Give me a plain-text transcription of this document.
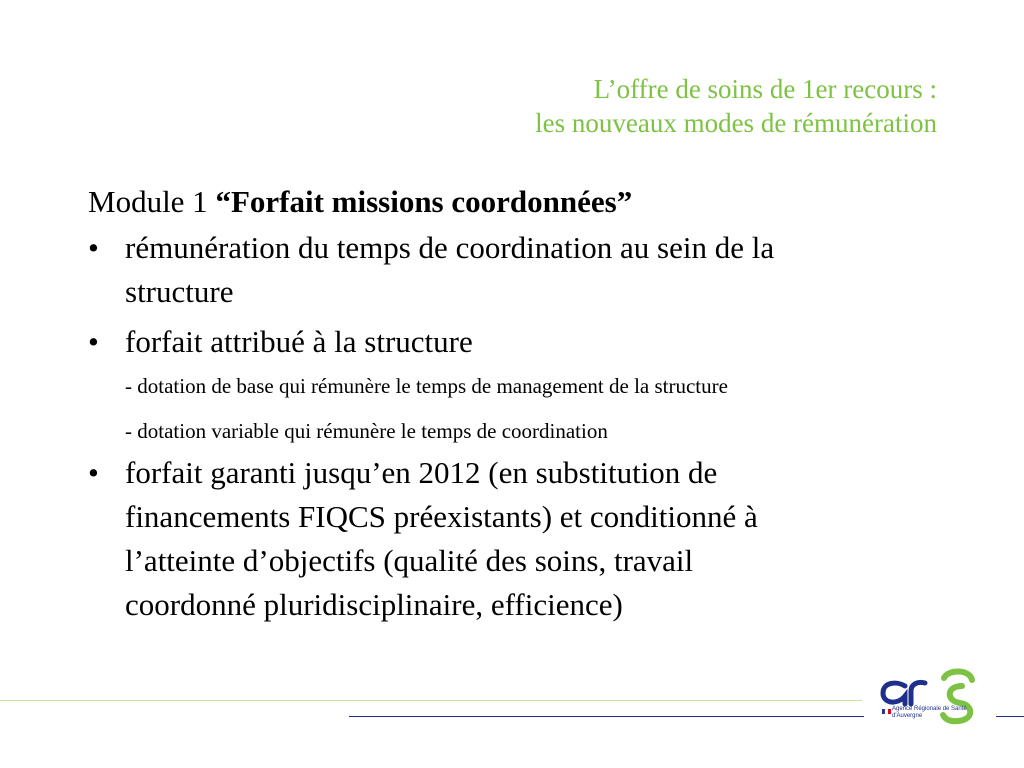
L’offre de soins de 1er recours :
les nouveaux modes de rémunération
Module 1 “Forfait missions coordonnées”
• rémunération du temps de coordination au sein de la
structure
• forfait attribué à la structure
- dotation de base qui rémunère le temps de management de la structure
- dotation variable qui rémunère le temps de coordination
• forfait garanti jusqu’en 2012 (en substitution de
financements FIQCS préexistants) et conditionné à
l’atteinte d’objectifs (qualité des soins, travail
coordonné pluridisciplinaire, efficience)
Agence Régionale de Santé
d'Auvergne
